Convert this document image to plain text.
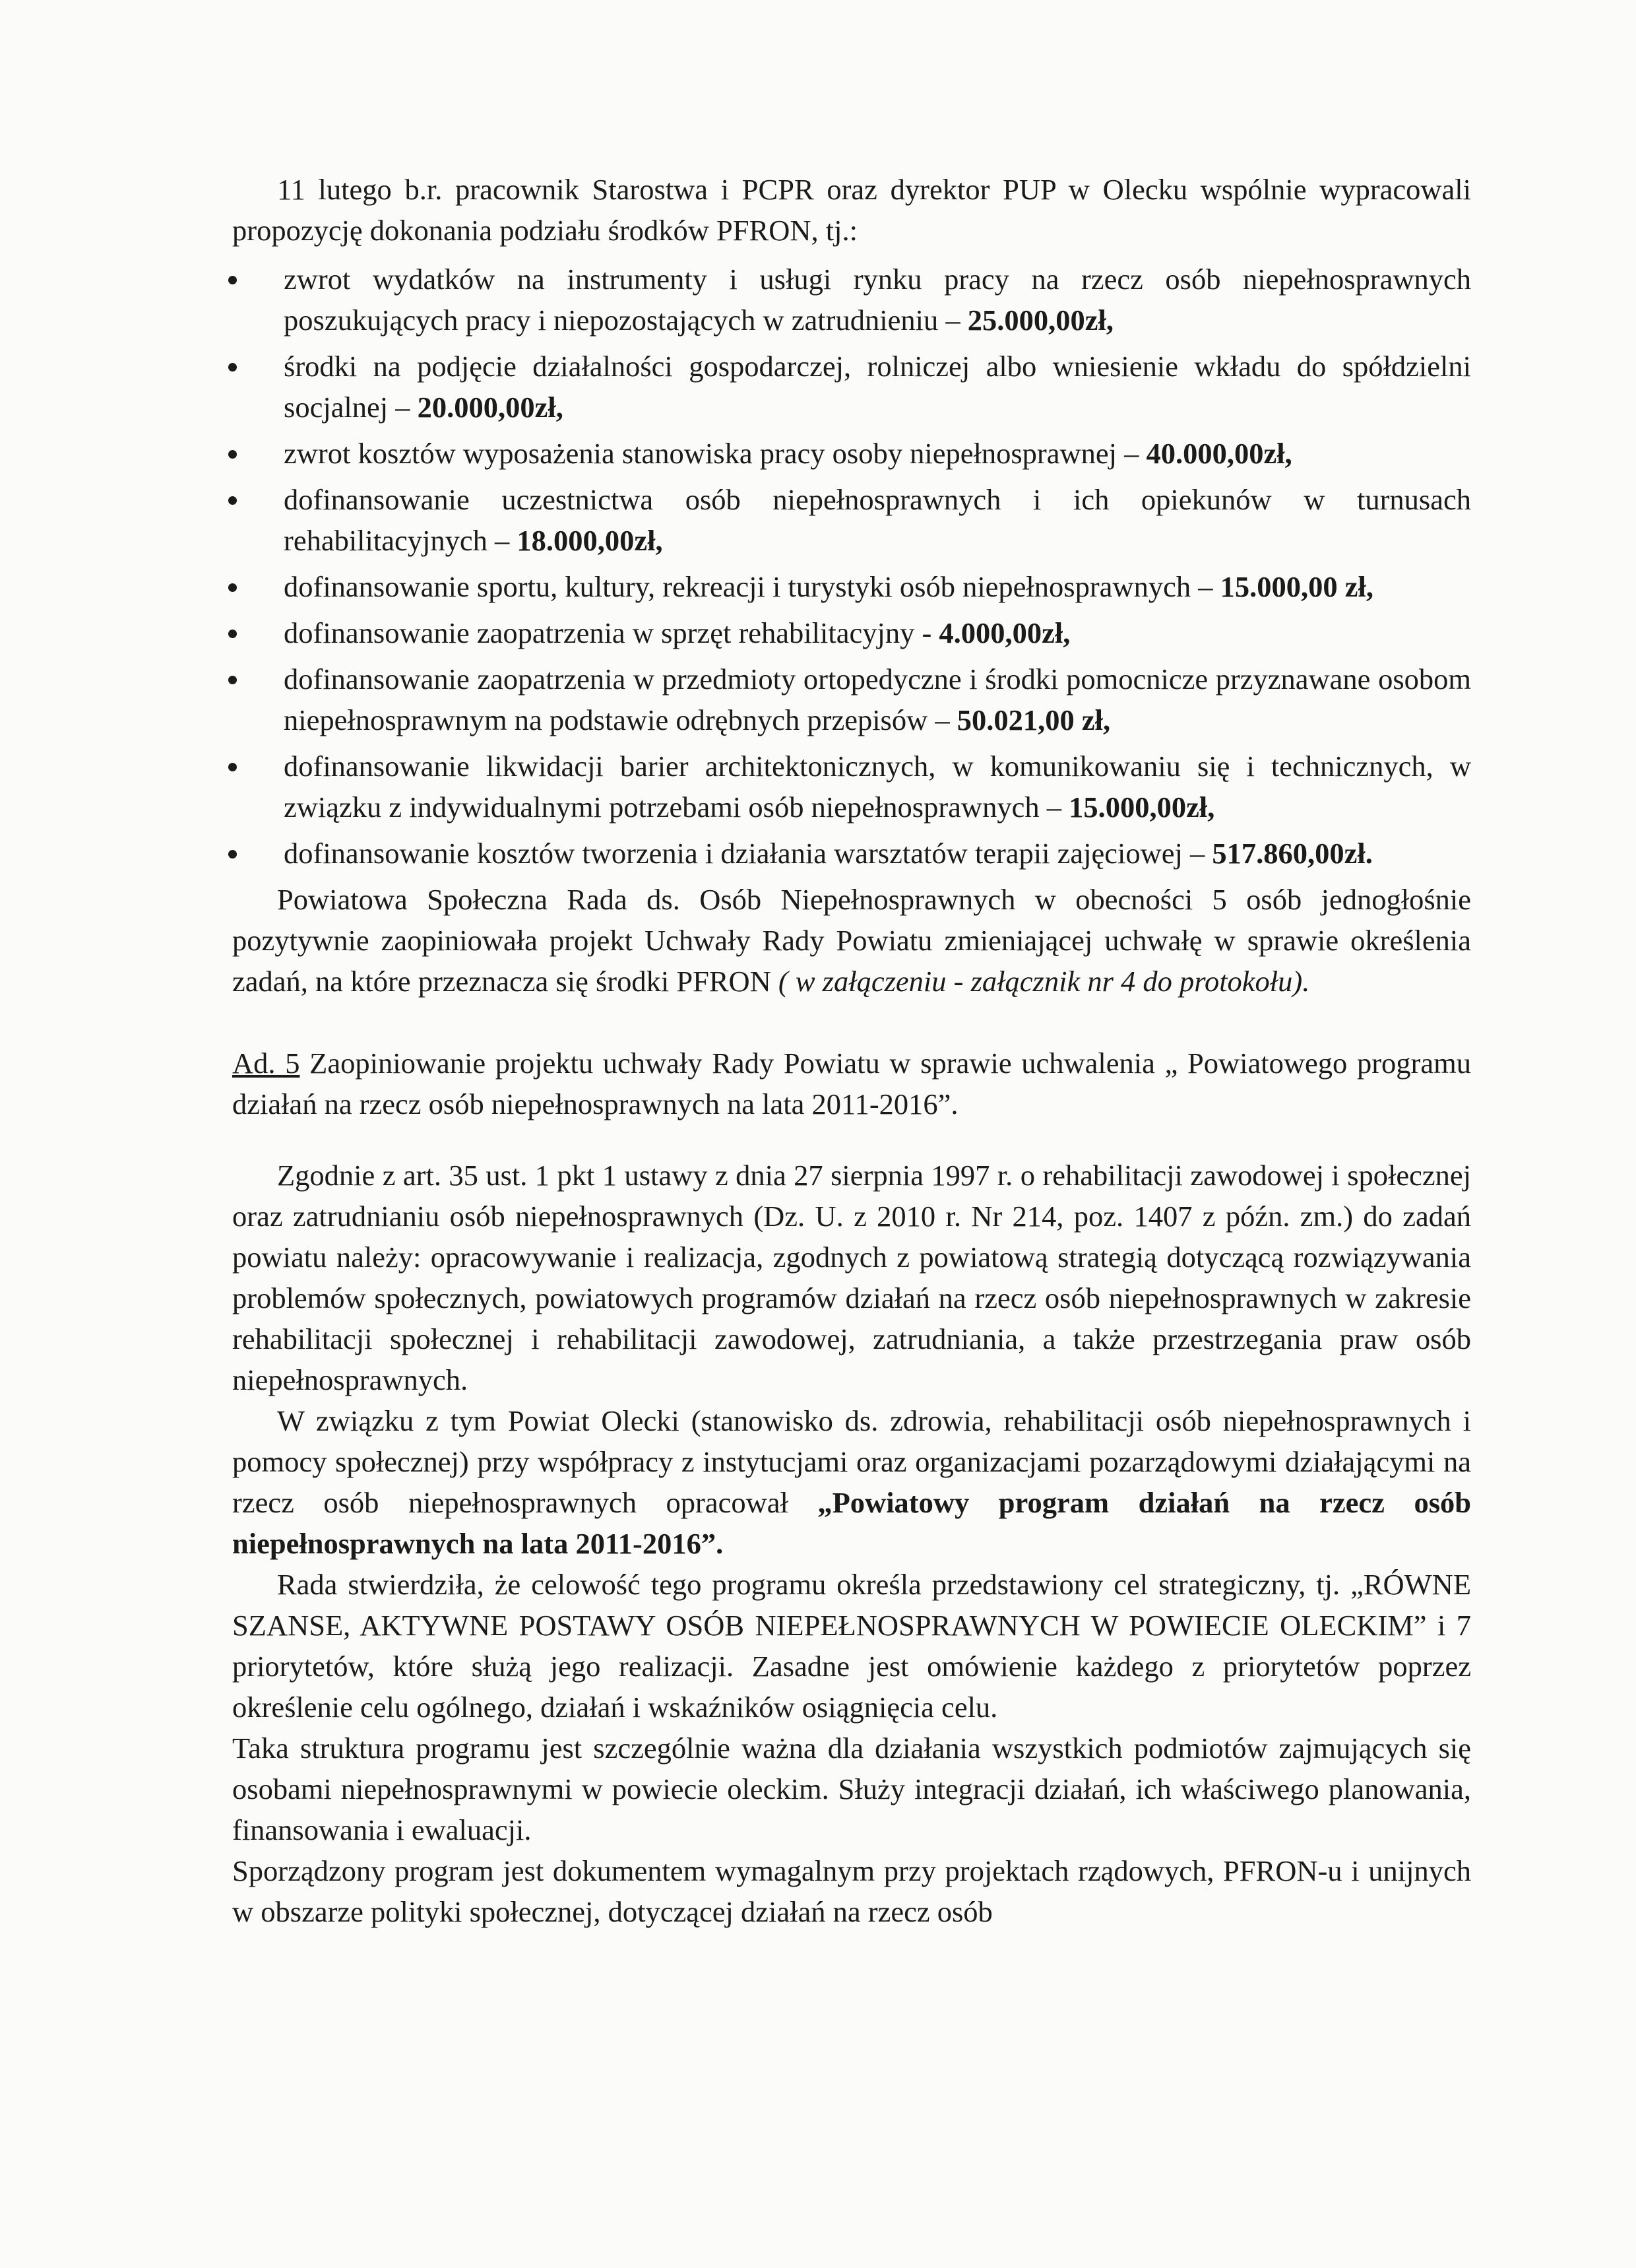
11 lutego b.r. pracownik Starostwa i PCPR oraz dyrektor PUP w Olecku wspólnie wypracowali propozycję dokonania podziału środków PFRON, tj.:

zwrot wydatków na instrumenty i usługi rynku pracy na rzecz osób niepełnosprawnych poszukujących pracy i niepozostających w zatrudnieniu – 25.000,00zł,
środki na podjęcie działalności gospodarczej, rolniczej albo wniesienie wkładu do spółdzielni socjalnej – 20.000,00zł,
zwrot kosztów wyposażenia stanowiska pracy osoby niepełnosprawnej – 40.000,00zł,
dofinansowanie uczestnictwa osób niepełnosprawnych i ich opiekunów w turnusach rehabilitacyjnych – 18.000,00zł,
dofinansowanie sportu, kultury, rekreacji i turystyki osób niepełnosprawnych – 15.000,00 zł,
dofinansowanie zaopatrzenia w sprzęt rehabilitacyjny - 4.000,00zł,
dofinansowanie zaopatrzenia w przedmioty ortopedyczne i środki pomocnicze przyznawane osobom niepełnosprawnym na podstawie odrębnych przepisów – 50.021,00 zł,
dofinansowanie likwidacji barier architektonicznych, w komunikowaniu się i technicznych, w związku z indywidualnymi potrzebami osób niepełnosprawnych – 15.000,00zł,
dofinansowanie kosztów tworzenia i działania warsztatów terapii zajęciowej – 517.860,00zł.

Powiatowa Społeczna Rada ds. Osób Niepełnosprawnych w obecności 5 osób jednogłośnie pozytywnie zaopiniowała projekt Uchwały Rady Powiatu zmieniającej uchwałę w sprawie określenia zadań, na które przeznacza się środki PFRON ( w załączeniu - załącznik nr 4 do protokołu).

Ad. 5 Zaopiniowanie projektu uchwały Rady Powiatu w sprawie uchwalenia „ Powiatowego programu działań na rzecz osób niepełnosprawnych na lata 2011-2016”.

Zgodnie z art. 35 ust. 1 pkt 1 ustawy z dnia 27 sierpnia 1997 r. o rehabilitacji zawodowej i społecznej oraz zatrudnianiu osób niepełnosprawnych (Dz. U. z 2010 r. Nr 214, poz. 1407 z późn. zm.) do zadań powiatu należy: opracowywanie i realizacja, zgodnych z powiatową strategią dotyczącą rozwiązywania problemów społecznych, powiatowych programów działań na rzecz osób niepełnosprawnych w zakresie rehabilitacji społecznej i rehabilitacji zawodowej, zatrudniania, a także przestrzegania praw osób niepełnosprawnych.

W związku z tym Powiat Olecki (stanowisko ds. zdrowia, rehabilitacji osób niepełnosprawnych i pomocy społecznej) przy współpracy z instytucjami oraz organizacjami pozarządowymi działającymi na rzecz osób niepełnosprawnych opracował „Powiatowy program działań na rzecz osób niepełnosprawnych na lata 2011-2016”.

Rada stwierdziła, że celowość tego programu określa przedstawiony cel strategiczny, tj. „RÓWNE SZANSE, AKTYWNE POSTAWY OSÓB NIEPEŁNOSPRAWNYCH W POWIECIE OLECKIM” i 7 priorytetów, które służą jego realizacji. Zasadne jest omówienie każdego z priorytetów poprzez określenie celu ogólnego, działań i wskaźników osiągnięcia celu.

Taka struktura programu jest szczególnie ważna dla działania wszystkich podmiotów zajmujących się osobami niepełnosprawnymi w powiecie oleckim. Służy integracji działań, ich właściwego planowania, finansowania i ewaluacji.

Sporządzony program jest dokumentem wymagalnym przy projektach rządowych, PFRON-u i unijnych w obszarze polityki społecznej, dotyczącej działań na rzecz osób
